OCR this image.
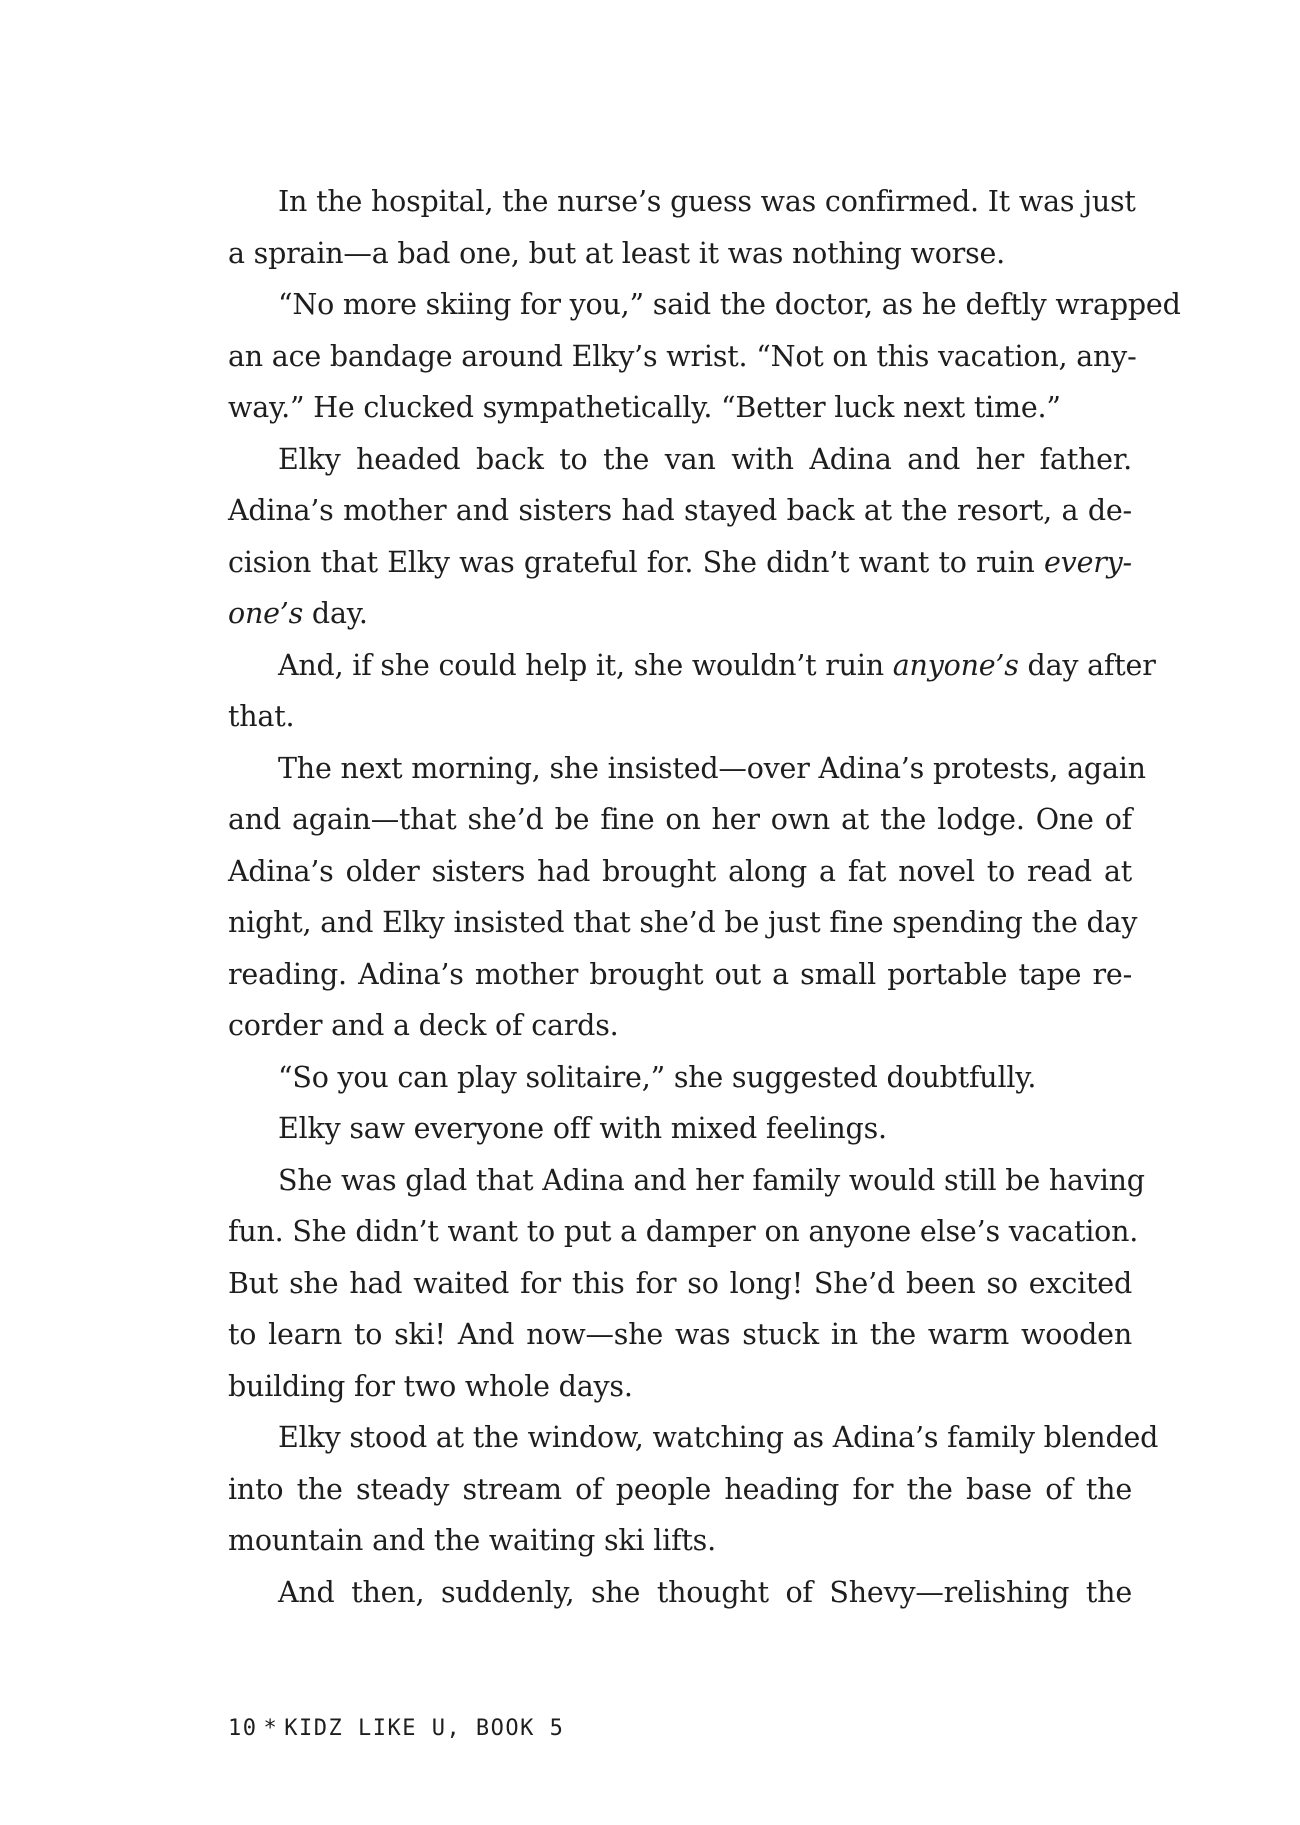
In the hospital, the nurse’s guess was confirmed. It was just
a sprain—a bad one, but at least it was nothing worse.
“No more skiing for you,” said the doctor, as he deftly wrapped
an ace bandage around Elky’s wrist. “Not on this vacation, any-
way.” He clucked sympathetically. “Better luck next time.”
Elky headed back to the van with Adina and her father.
Adina’s mother and sisters had stayed back at the resort, a de-
cision that Elky was grateful for. She didn’t want to ruin every-
one’s day.
And, if she could help it, she wouldn’t ruin anyone’s day after
that.
The next morning, she insisted—over Adina’s protests, again
and again—that she’d be fine on her own at the lodge. One of
Adina’s older sisters had brought along a fat novel to read at
night, and Elky insisted that she’d be just fine spending the day
reading. Adina’s mother brought out a small portable tape re-
corder and a deck of cards.
“So you can play solitaire,” she suggested doubtfully.
Elky saw everyone off with mixed feelings.
She was glad that Adina and her family would still be having
fun. She didn’t want to put a damper on anyone else’s vacation.
But she had waited for this for so long! She’d been so excited
to learn to ski! And now—she was stuck in the warm wooden
building for two whole days.
Elky stood at the window, watching as Adina’s family blended
into the steady stream of people heading for the base of the
mountain and the waiting ski lifts.
And then, suddenly, she thought of Shevy—relishing the
10 * KIDZ LIKE U, BOOK 5
